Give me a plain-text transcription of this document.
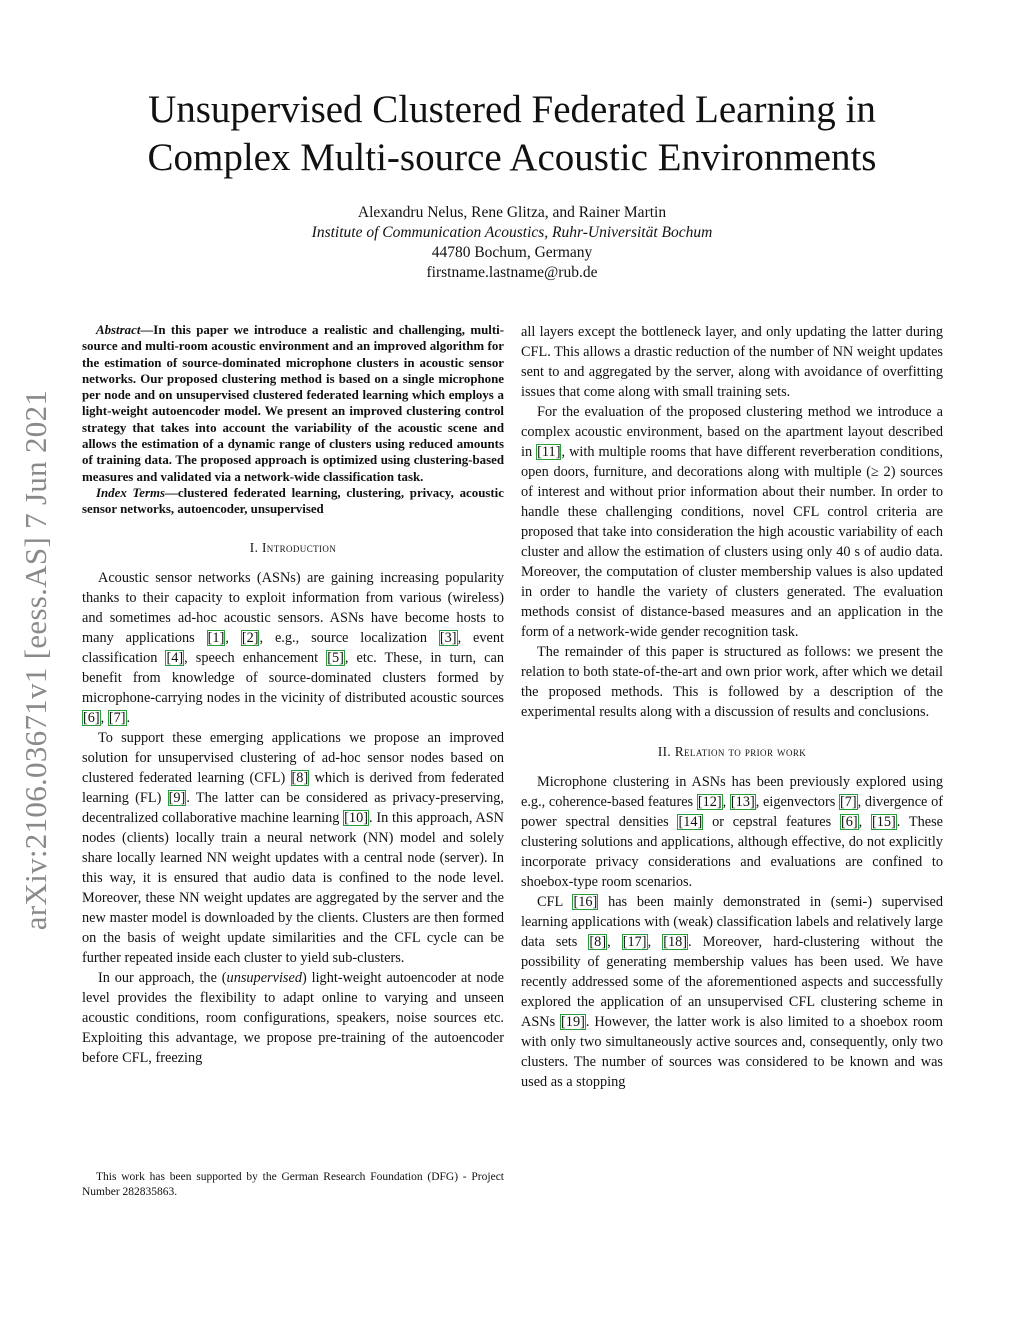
arXiv:2106.03671v1 [eess.AS] 7 Jun 2021
Unsupervised Clustered Federated Learning in
Complex Multi-source Acoustic Environments
Alexandru Nelus, Rene Glitza, and Rainer Martin
Institute of Communication Acoustics, Ruhr-Universität Bochum
44780 Bochum, Germany
firstname.lastname@rub.de

Abstract—In this paper we introduce a realistic and challenging, multi-source and multi-room acoustic environment and an improved algorithm for the estimation of source-dominated microphone clusters in acoustic sensor networks. Our proposed clustering method is based on a single microphone per node and on unsupervised clustered federated learning which employs a light-weight autoencoder model. We present an improved clustering control strategy that takes into account the variability of the acoustic scene and allows the estimation of a dynamic range of clusters using reduced amounts of training data. The proposed approach is optimized using clustering-based measures and validated via a network-wide classification task.

Index Terms—clustered federated learning, clustering, privacy, acoustic sensor networks, autoencoder, unsupervised

I. Introduction

Acoustic sensor networks (ASNs) are gaining increasing popularity thanks to their capacity to exploit information from various (wireless) and sometimes ad-hoc acoustic sensors. ASNs have become hosts to many applications [1], [2], e.g., source localization [3], event classification [4], speech enhancement [5], etc. These, in turn, can benefit from knowledge of source-dominated clusters formed by microphone-carrying nodes in the vicinity of distributed acoustic sources [6], [7].

To support these emerging applications we propose an improved solution for unsupervised clustering of ad-hoc sensor nodes based on clustered federated learning (CFL) [8] which is derived from federated learning (FL) [9]. The latter can be considered as privacy-preserving, decentralized collaborative machine learning [10]. In this approach, ASN nodes (clients) locally train a neural network (NN) model and solely share locally learned NN weight updates with a central node (server). In this way, it is ensured that audio data is confined to the node level. Moreover, these NN weight updates are aggregated by the server and the new master model is downloaded by the clients. Clusters are then formed on the basis of weight update similarities and the CFL cycle can be further repeated inside each cluster to yield sub-clusters.

In our approach, the (unsupervised) light-weight autoencoder at node level provides the flexibility to adapt online to varying and unseen acoustic conditions, room configurations, speakers, noise sources etc. Exploiting this advantage, we propose pre-training of the autoencoder before CFL, freezing

This work has been supported by the German Research Foundation (DFG) - Project Number 282835863.

all layers except the bottleneck layer, and only updating the latter during CFL. This allows a drastic reduction of the number of NN weight updates sent to and aggregated by the server, along with avoidance of overfitting issues that come along with small training sets.

For the evaluation of the proposed clustering method we introduce a complex acoustic environment, based on the apartment layout described in [11], with multiple rooms that have different reverberation conditions, open doors, furniture, and decorations along with multiple (≥ 2) sources of interest and without prior information about their number. In order to handle these challenging conditions, novel CFL control criteria are proposed that take into consideration the high acoustic variability of each cluster and allow the estimation of clusters using only 40 s of audio data. Moreover, the computation of cluster membership values is also updated in order to handle the variety of clusters generated. The evaluation methods consist of distance-based measures and an application in the form of a network-wide gender recognition task.

The remainder of this paper is structured as follows: we present the relation to both state-of-the-art and own prior work, after which we detail the proposed methods. This is followed by a description of the experimental results along with a discussion of results and conclusions.

II. Relation to prior work

Microphone clustering in ASNs has been previously explored using e.g., coherence-based features [12], [13], eigenvectors [7], divergence of power spectral densities [14] or cepstral features [6], [15]. These clustering solutions and applications, although effective, do not explicitly incorporate privacy considerations and evaluations are confined to shoebox-type room scenarios.

CFL [16] has been mainly demonstrated in (semi-) supervised learning applications with (weak) classification labels and relatively large data sets [8], [17], [18]. Moreover, hard-clustering without the possibility of generating membership values has been used. We have recently addressed some of the aforementioned aspects and successfully explored the application of an unsupervised CFL clustering scheme in ASNs [19]. However, the latter work is also limited to a shoebox room with only two simultaneously active sources and, consequently, only two clusters. The number of sources was considered to be known and was used as a stopping
